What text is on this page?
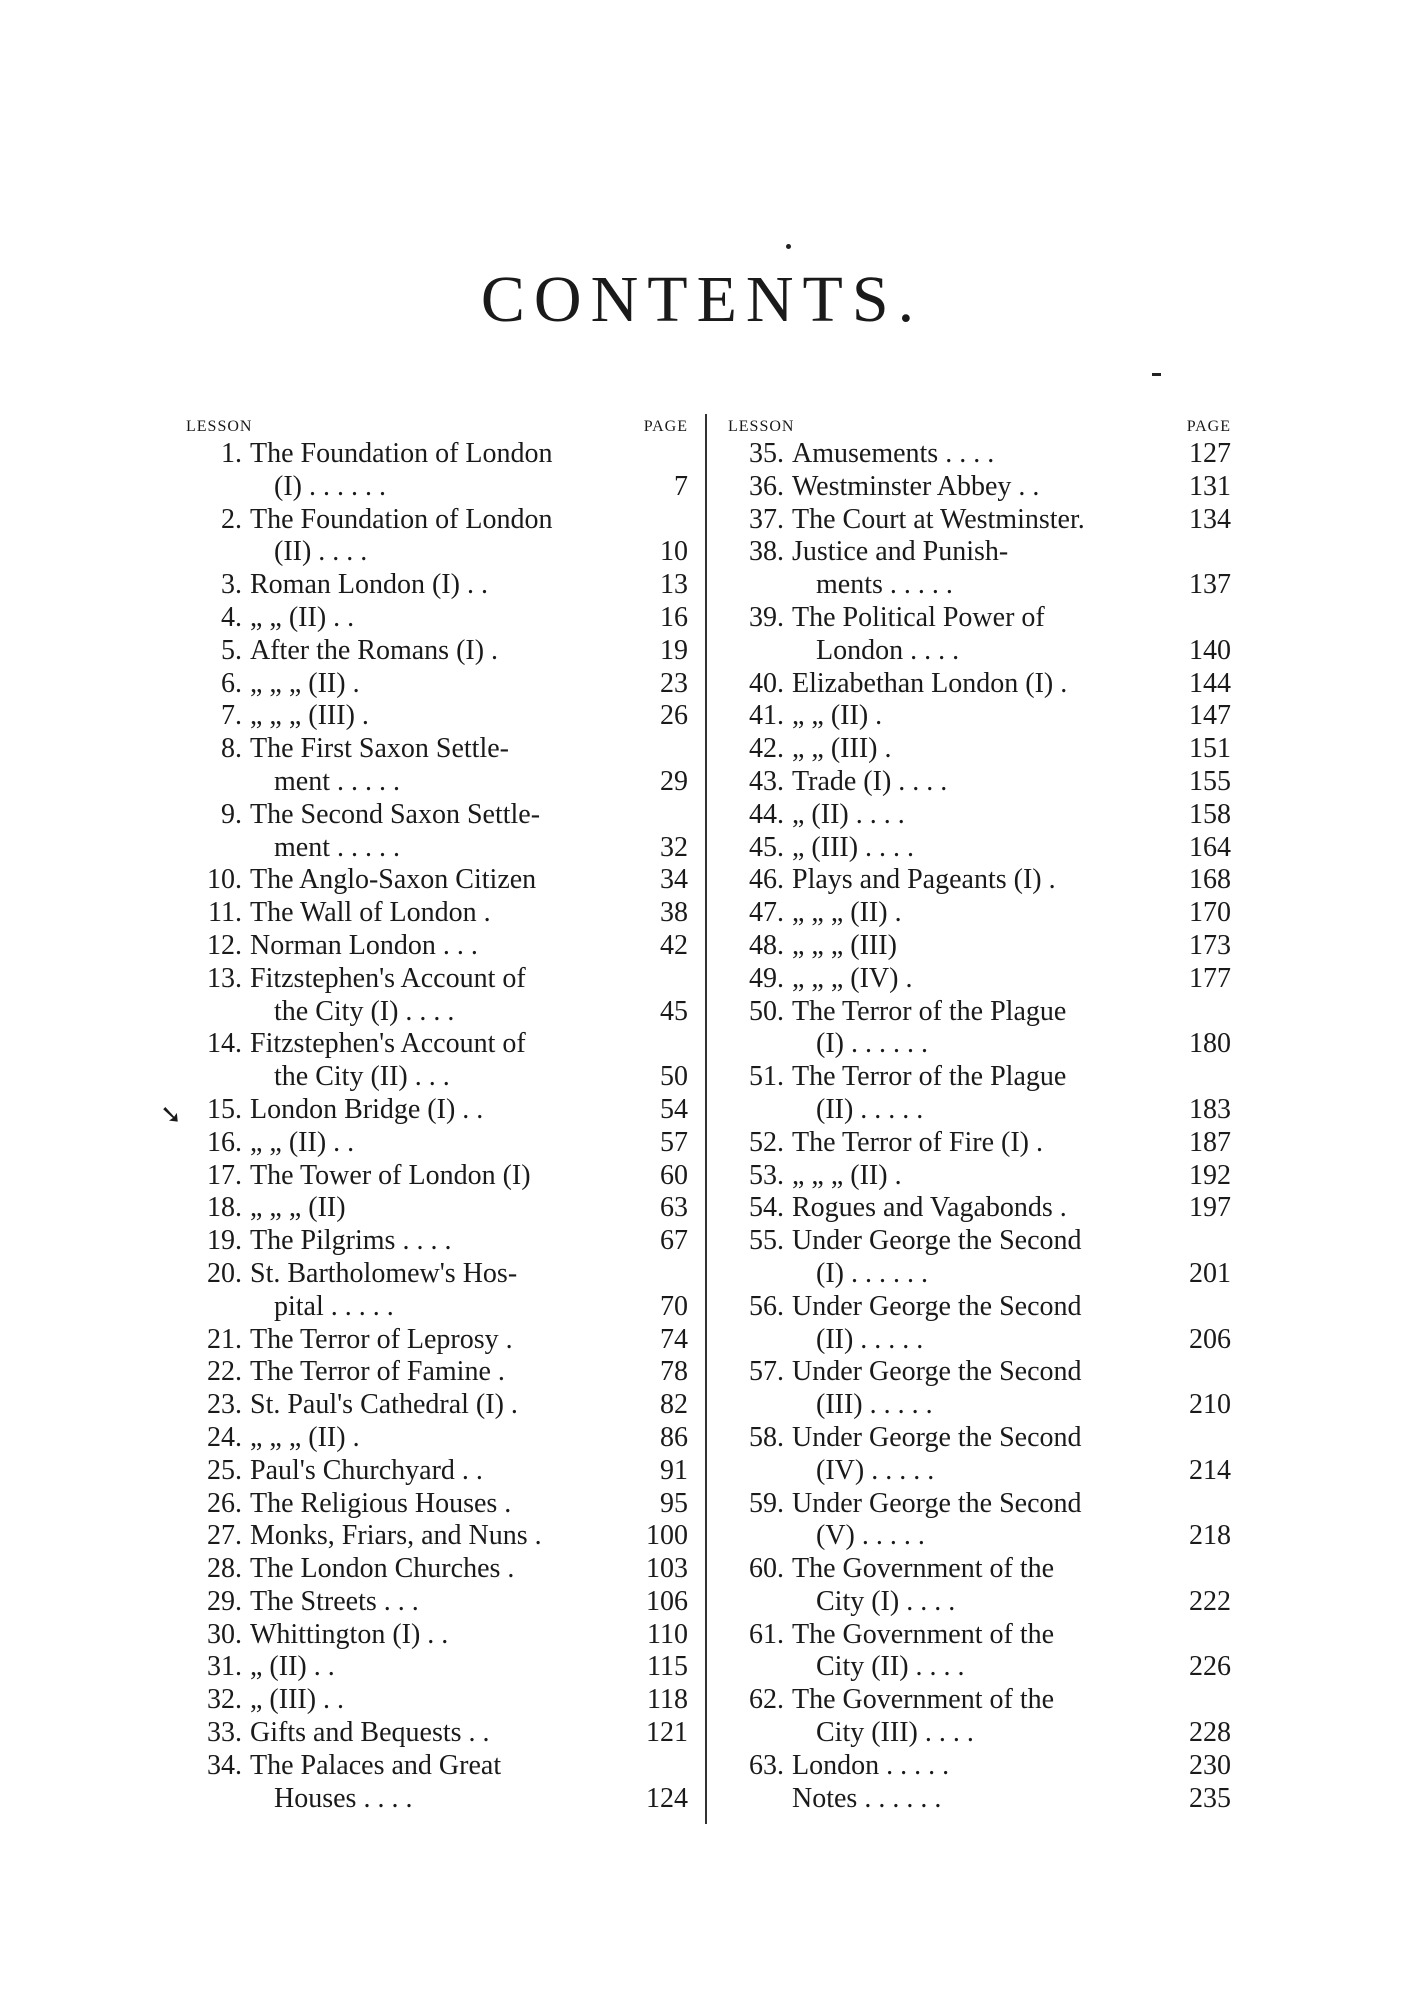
CONTENTS.
LESSON	PAGE
1. The Foundation of London
(I) . . . . . .	7
2. The Foundation of London
(II) . . . .	10
3. Roman London (I) . .	13
4. „ „ (II) . .	16
5. After the Romans (I) .	19
6. „ „ „ (II) .	23
7. „ „ „ (III) .	26
8. The First Saxon Settle-
ment . . . . .	29
9. The Second Saxon Settle-
ment . . . . .	32
10. The Anglo-Saxon Citizen	34
11. The Wall of London .	38
12. Norman London . . .	42
13. Fitzstephen's Account of
the City (I) . . . .	45
14. Fitzstephen's Account of
the City (II) . . .	50
15. London Bridge (I) . .	54
16. „ „ (II) . .	57
17. The Tower of London (I)	60
18. „ „ „ (II)	63
19. The Pilgrims . . . .	67
20. St. Bartholomew's Hos-
pital . . . . .	70
21. The Terror of Leprosy .	74
22. The Terror of Famine .	78
23. St. Paul's Cathedral (I) .	82
24. „ „ „ (II) .	86
25. Paul's Churchyard . .	91
26. The Religious Houses .	95
27. Monks, Friars, and Nuns .	100
28. The London Churches .	103
29. The Streets . . .	106
30. Whittington (I) . .	110
31. „ (II) . .	115
32. „ (III) . .	118
33. Gifts and Bequests . .	121
34. The Palaces and Great
Houses . . . .	124
LESSON	PAGE
35. Amusements . . . .	127
36. Westminster Abbey . .	131
37. The Court at Westminster.	134
38. Justice and Punish-
ments . . . . .	137
39. The Political Power of
London . . . .	140
40. Elizabethan London (I) .	144
41. „ „ (II) .	147
42. „ „ (III) .	151
43. Trade (I) . . . .	155
44. „ (II) . . . .	158
45. „ (III) . . . .	164
46. Plays and Pageants (I) .	168
47. „ „ „ (II) .	170
48. „ „ „ (III)	173
49. „ „ „ (IV) .	177
50. The Terror of the Plague
(I) . . . . . .	180
51. The Terror of the Plague
(II) . . . . .	183
52. The Terror of Fire (I) .	187
53. „ „ „ (II) .	192
54. Rogues and Vagabonds .	197
55. Under George the Second
(I) . . . . . .	201
56. Under George the Second
(II) . . . . .	206
57. Under George the Second
(III) . . . . .	210
58. Under George the Second
(IV) . . . . .	214
59. Under George the Second
(V) . . . . .	218
60. The Government of the
City (I) . . . .	222
61. The Government of the
City (II) . . . .	226
62. The Government of the
City (III) . . . .	228
63. London . . . . .	230
Notes . . . . . .	235
➘
